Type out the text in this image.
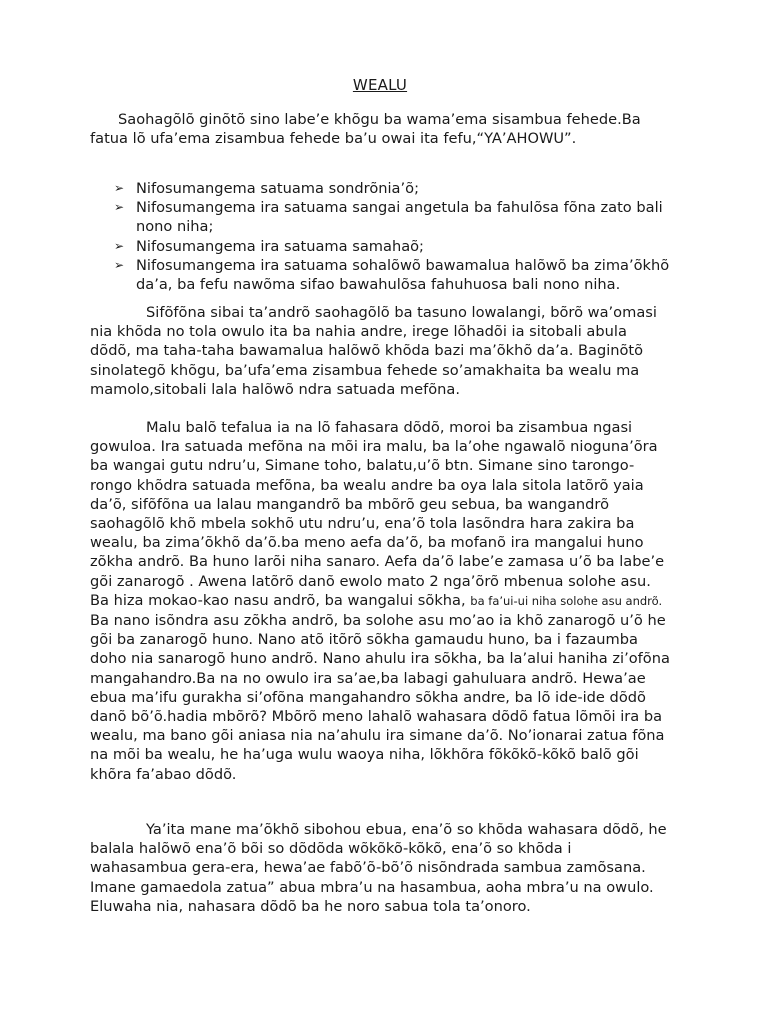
WEALU

Saohagõlõ ginõtõ sino labe’e khõgu ba wama’ema sisambua fehede.Ba fatua lõ ufa’ema zisambua fehede ba’u owai ita fefu,“YA’AHOWU”.

➢ Nifosumangema satuama sondrõnia’õ;
➢ Nifosumangema ira satuama sangai angetula ba fahulõsa fõna zato bali nono niha;
➢ Nifosumangema ira satuama samahaõ;
➢ Nifosumangema ira satuama sohalõwõ bawamalua halõwõ ba zima’õkhõ da’a, ba fefu nawõma sifao bawahulõsa fahuhuosa bali nono niha.

Sifõfõna sibai ta’andrõ saohagõlõ ba tasuno lowalangi, bõrõ wa’omasi nia khõda no tola owulo ita ba nahia andre, irege lõhadõi ia sitobali abula dõdõ, ma taha-taha bawamalua halõwõ khõda bazi ma’õkhõ da’a. Baginõtõ sinolategõ khõgu, ba’ufa’ema zisambua fehede so’amakhaita ba wealu ma mamolo,sitobali lala halõwõ ndra satuada mefõna.

Malu balõ tefalua ia na lõ fahasara dõdõ, moroi ba zisambua ngasi gowuloa. Ira satuada mefõna na mõi ira malu, ba la’ohe ngawalõ nioguna’õra ba wangai gutu ndru’u, Simane toho, balatu,u’õ btn. Simane sino tarongo-rongo khõdra satuada mefõna, ba wealu andre ba oya lala sitola latõrõ yaia da’õ, sifõfõna ua lalau mangandrõ ba mbõrõ geu sebua, ba wangandrõ saohagõlõ khõ mbela sokhõ utu ndru’u, ena’õ tola lasõndra hara zakira ba wealu, ba zima’õkhõ da’õ.ba meno aefa da’õ, ba mofanõ ira mangalui huno zõkha andrõ. Ba huno larõi niha sanaro. Aefa da’õ labe’e zamasa u’õ ba labe’e gõi zanarogõ . Awena latõrõ danõ ewolo mato 2 nga’õrõ mbenua solohe asu. Ba hiza mokao-kao nasu andrõ, ba wangalui sõkha, ba fa’ui-ui niha solohe asu andrõ. Ba nano isõndra asu zõkha andrõ, ba solohe asu mo’ao ia khõ zanarogõ u’õ he gõi ba zanarogõ huno. Nano atõ itõrõ sõkha gamaudu huno, ba i fazaumba doho nia sanarogõ huno andrõ. Nano ahulu ira sõkha, ba la’alui haniha zi’ofõna mangahandro.Ba na no owulo ira sa’ae,ba labagi gahuluara andrõ. Hewa’ae ebua ma’ifu gurakha si’ofõna mangahandro sõkha andre, ba lõ ide-ide dõdõ danõ bõ’õ.hadia mbõrõ? Mbõrõ meno lahalõ wahasara dõdõ fatua lõmõi ira ba wealu, ma bano gõi aniasa nia na’ahulu ira simane da’õ. No’ionarai zatua fõna na mõi ba wealu, he ha’uga wulu waoya niha, lõkhõra fõkõkõ-kõkõ balõ gõi khõra fa’abao dõdõ.

Ya’ita mane ma’õkhõ sibohou ebua, ena’õ so khõda wahasara dõdõ, he balala halõwõ ena’õ bõi so dõdõda wõkõkõ-kõkõ, ena’õ so khõda i wahasambua gera-era, hewa’ae fabõ’õ-bõ’õ nisõndrada sambua zamõsana. Imane gamaedola zatua” abua mbra’u na hasambua, aoha mbra’u na owulo. Eluwaha nia, nahasara dõdõ ba he noro sabua tola ta’onoro.
